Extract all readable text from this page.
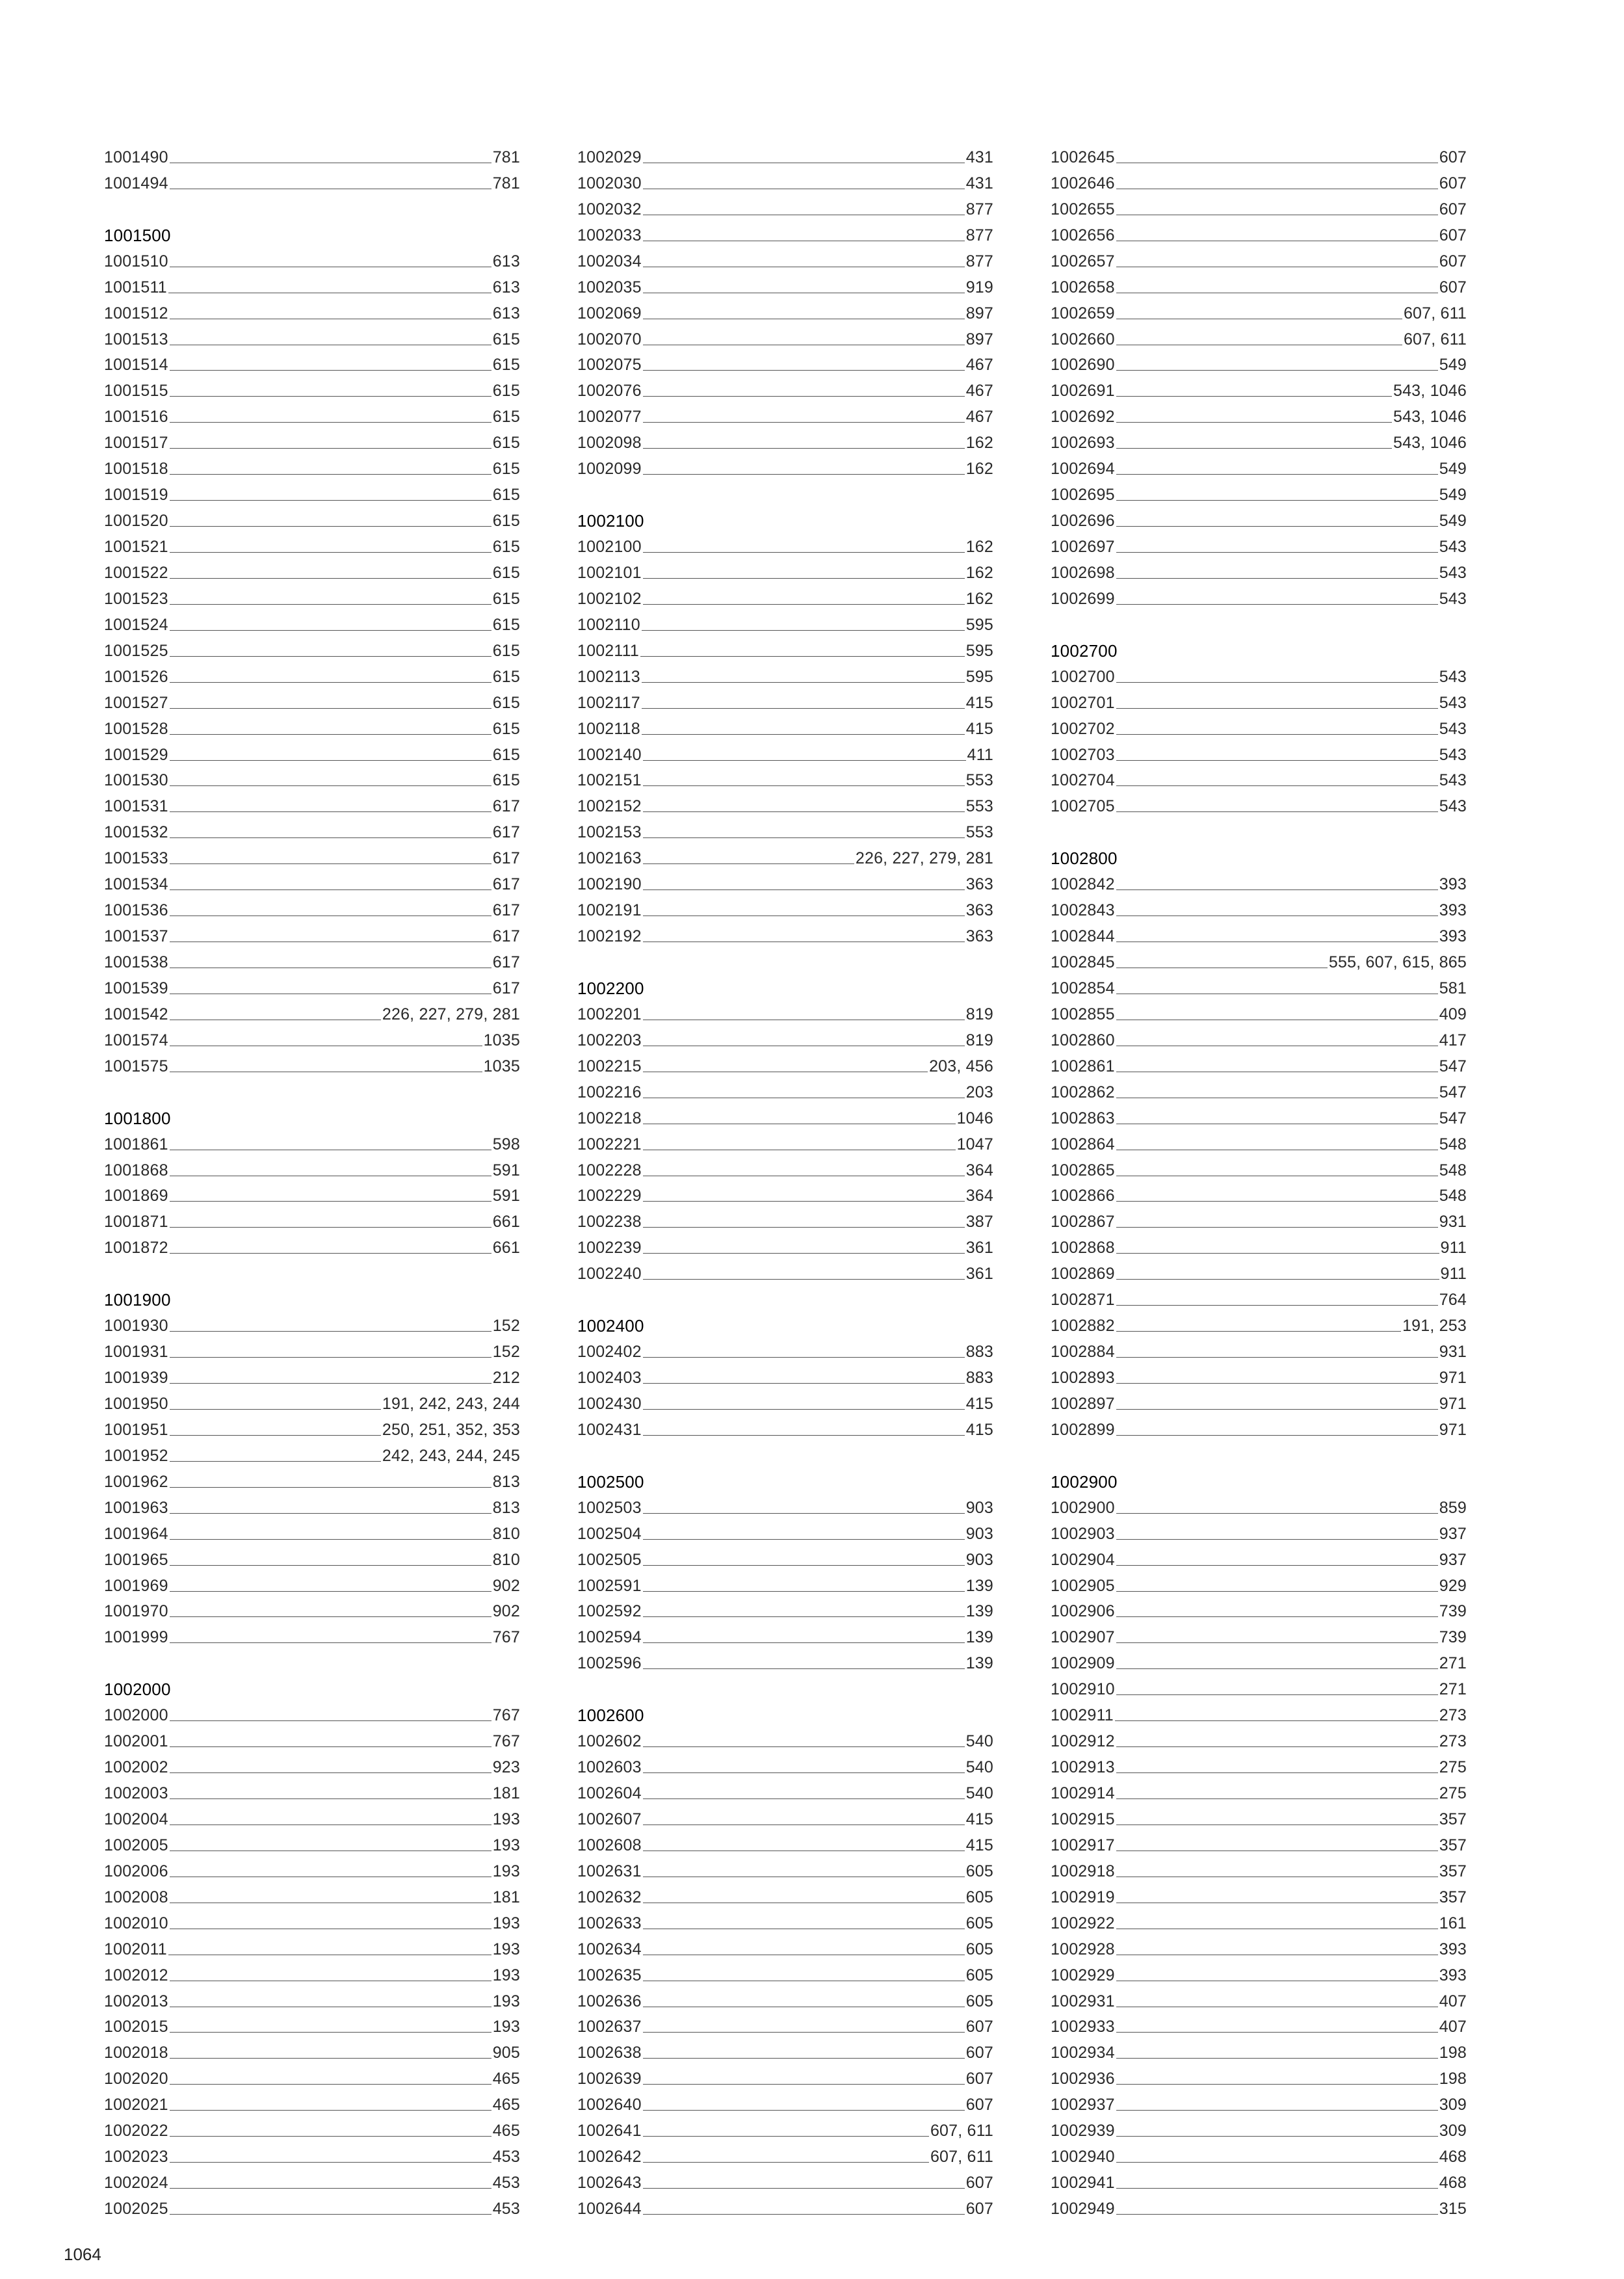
1001490	781
1001494	781
1001500
1001510	613
1001511	613
1001512	613
1001513	615
1001514	615
1001515	615
1001516	615
1001517	615
1001518	615
1001519	615
1001520	615
1001521	615
1001522	615
1001523	615
1001524	615
1001525	615
1001526	615
1001527	615
1001528	615
1001529	615
1001530	615
1001531	617
1001532	617
1001533	617
1001534	617
1001536	617
1001537	617
1001538	617
1001539	617
1001542	226, 227, 279, 281
1001574	1035
1001575	1035
1001800
1001861	598
1001868	591
1001869	591
1001871	661
1001872	661
1001900
1001930	152
1001931	152
1001939	212
1001950	191, 242, 243, 244
1001951	250, 251, 352, 353
1001952	242, 243, 244, 245
1001962	813
1001963	813
1001964	810
1001965	810
1001969	902
1001970	902
1001999	767
1002000
1002000	767
1002001	767
1002002	923
1002003	181
1002004	193
1002005	193
1002006	193
1002008	181
1002010	193
1002011	193
1002012	193
1002013	193
1002015	193
1002018	905
1002020	465
1002021	465
1002022	465
1002023	453
1002024	453
1002025	453
1002029	431
1002030	431
1002032	877
1002033	877
1002034	877
1002035	919
1002069	897
1002070	897
1002075	467
1002076	467
1002077	467
1002098	162
1002099	162
1002100
1002100	162
1002101	162
1002102	162
1002110	595
1002111	595
1002113	595
1002117	415
1002118	415
1002140	411
1002151	553
1002152	553
1002153	553
1002163	226, 227, 279, 281
1002190	363
1002191	363
1002192	363
1002200
1002201	819
1002203	819
1002215	203, 456
1002216	203
1002218	1046
1002221	1047
1002228	364
1002229	364
1002238	387
1002239	361
1002240	361
1002400
1002402	883
1002403	883
1002430	415
1002431	415
1002500
1002503	903
1002504	903
1002505	903
1002591	139
1002592	139
1002594	139
1002596	139
1002600
1002602	540
1002603	540
1002604	540
1002607	415
1002608	415
1002631	605
1002632	605
1002633	605
1002634	605
1002635	605
1002636	605
1002637	607
1002638	607
1002639	607
1002640	607
1002641	607, 611
1002642	607, 611
1002643	607
1002644	607
1002645	607
1002646	607
1002655	607
1002656	607
1002657	607
1002658	607
1002659	607, 611
1002660	607, 611
1002690	549
1002691	543, 1046
1002692	543, 1046
1002693	543, 1046
1002694	549
1002695	549
1002696	549
1002697	543
1002698	543
1002699	543
1002700
1002700	543
1002701	543
1002702	543
1002703	543
1002704	543
1002705	543
1002800
1002842	393
1002843	393
1002844	393
1002845	555, 607, 615, 865
1002854	581
1002855	409
1002860	417
1002861	547
1002862	547
1002863	547
1002864	548
1002865	548
1002866	548
1002867	931
1002868	911
1002869	911
1002871	764
1002882	191, 253
1002884	931
1002893	971
1002897	971
1002899	971
1002900
1002900	859
1002903	937
1002904	937
1002905	929
1002906	739
1002907	739
1002909	271
1002910	271
1002911	273
1002912	273
1002913	275
1002914	275
1002915	357
1002917	357
1002918	357
1002919	357
1002922	161
1002928	393
1002929	393
1002931	407
1002933	407
1002934	198
1002936	198
1002937	309
1002939	309
1002940	468
1002941	468
1002949	315
1064
